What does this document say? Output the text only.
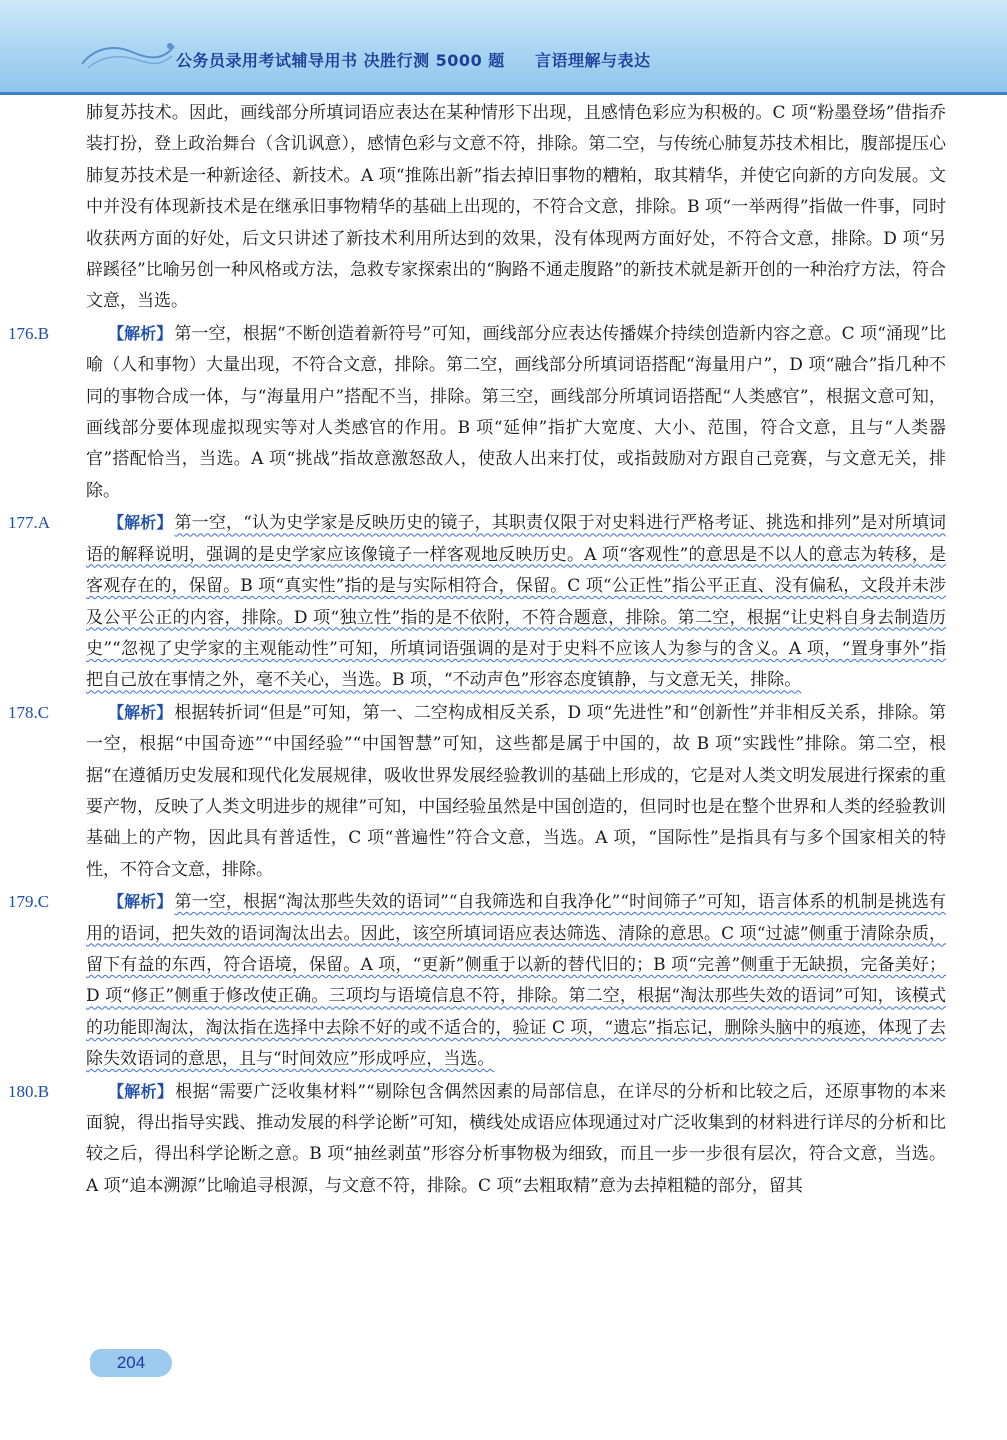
公务员录用考试辅导用书 决胜行测 5000 题 言语理解与表达

肺复苏技术。因此，画线部分所填词语应表达在某种情形下出现，且感情色彩应为积极的。C 项“粉墨登场”借指乔装打扮，登上政治舞台（含讥讽意），感情色彩与文意不符，排除。第二空，与传统心肺复苏技术相比，腹部提压心肺复苏技术是一种新途径、新技术。A 项“推陈出新”指去掉旧事物的糟粕，取其精华，并使它向新的方向发展。文中并没有体现新技术是在继承旧事物精华的基础上出现的，不符合文意，排除。B 项“一举两得”指做一件事，同时收获两方面的好处，后文只讲述了新技术利用所达到的效果，没有体现两方面好处，不符合文意，排除。D 项“另辟蹊径”比喻另创一种风格或方法，急救专家探索出的“胸路不通走腹路”的新技术就是新开创的一种治疗方法，符合文意，当选。

176.B	【解析】 第一空，根据“不断创造着新符号”可知，画线部分应表达传播媒介持续创造新内容之意。C 项“涌现”比喻（人和事物）大量出现，不符合文意，排除。第二空，画线部分所填词语搭配“海量用户”，D 项“融合”指几种不同的事物合成一体，与“海量用户”搭配不当，排除。第三空，画线部分所填词语搭配“人类感官”，根据文意可知，画线部分要体现虚拟现实等对人类感官的作用。B 项“延伸”指扩大宽度、大小、范围，符合文意，且与“人类器官”搭配恰当，当选。A 项“挑战”指故意激怒敌人，使敌人出来打仗，或指鼓励对方跟自己竞赛，与文意无关，排除。
177.A	【解析】 第一空，“认为史学家是反映历史的镜子，其职责仅限于对史料进行严格考证、挑选和排列”是对所填词语的解释说明，强调的是史学家应该像镜子一样客观地反映历史。A 项“客观性”的意思是不以人的意志为转移，是客观存在的，保留。B 项“真实性”指的是与实际相符合，保留。C 项“公正性”指公平正直、没有偏私，文段并未涉及公平公正的内容，排除。D 项“独立性”指的是不依附，不符合题意，排除。第二空，根据“让史料自身去制造历史”“忽视了史学家的主观能动性”可知，所填词语强调的是对于史料不应该人为参与的含义。A 项，“置身事外”指把自己放在事情之外，毫不关心，当选。B 项，“不动声色”形容态度镇静，与文意无关，排除。
178.C	【解析】 根据转折词“但是”可知，第一、二空构成相反关系，D 项“先进性”和“创新性”并非相反关系，排除。第一空，根据“中国奇迹”“中国经验”“中国智慧”可知，这些都是属于中国的，故 B 项“实践性”排除。第二空，根据“在遵循历史发展和现代化发展规律，吸收世界发展经验教训的基础上形成的，它是对人类文明发展进行探索的重要产物，反映了人类文明进步的规律”可知，中国经验虽然是中国创造的，但同时也是在整个世界和人类的经验教训基础上的产物，因此具有普适性，C 项“普遍性”符合文意，当选。A 项，“国际性”是指具有与多个国家相关的特性，不符合文意，排除。
179.C	【解析】 第一空，根据“淘汰那些失效的语词”“自我筛选和自我净化”“时间筛子”可知，语言体系的机制是挑选有用的语词，把失效的语词淘汰出去。因此，该空所填词语应表达筛选、清除的意思。C 项“过滤”侧重于清除杂质，留下有益的东西，符合语境，保留。A 项，“更新”侧重于以新的替代旧的；B 项“完善”侧重于无缺损，完备美好；D 项“修正”侧重于修改使正确。三项均与语境信息不符，排除。第二空，根据“淘汰那些失效的语词”可知，该模式的功能即淘汰，淘汰指在选择中去除不好的或不适合的，验证 C 项，“遗忘”指忘记，删除头脑中的痕迹，体现了去除失效语词的意思，且与“时间效应”形成呼应，当选。
180.B	【解析】 根据“需要广泛收集材料”“剔除包含偶然因素的局部信息，在详尽的分析和比较之后，还原事物的本来面貌，得出指导实践、推动发展的科学论断”可知，横线处成语应体现通过对广泛收集到的材料进行详尽的分析和比较之后，得出科学论断之意。B 项“抽丝剥茧”形容分析事物极为细致，而且一步一步很有层次，符合文意，当选。A 项“追本溯源”比喻追寻根源，与文意不符，排除。C 项“去粗取精”意为去掉粗糙的部分，留其
204
